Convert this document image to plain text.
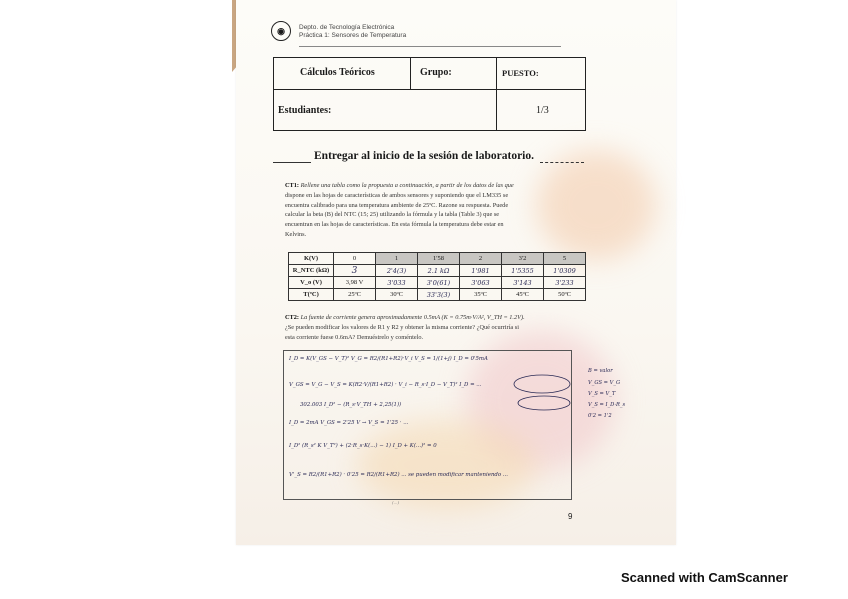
◉	Depto. de Tecnología Electrónica
Práctica 1: Sensores de Temperatura
Cálculos Teóricos	Grupo:	PUESTO:
Estudiantes:	1/3
Entregar al inicio de la sesión de laboratorio.
CT1: Rellene una tabla como la propuesta a continuación, a partir de los datos de las que
dispone en las hojas de características de ambos sensores y suponiendo que el LM335 se
encuentra calibrado para una temperatura ambiente de 25ºC. Razone su respuesta. Puede
calcular la beta (B) del NTC (15; 25) utilizando la fórmula y la tabla (Table 3) que se
encuentran en las hojas de características. En esta fórmula la temperatura debe estar en
Kelvins.
K(V)	0	1	1'58	2	3'2	5
R_NTC (kΩ)	3	2'4(3)	2.1 kΩ	1'981	1'5355	1'0309
V_o (V)	3,98 V	3'033	3'0(61)	3'063	3'143	3'233
T(ºC)	25ºC	30ºC	33'3(3)	35ºC	45ºC	50ºC
CT2: La fuente de corriente genera aproximadamente 0.5mA (K = 0.75m·V/A², V_TH = 1.2V).
¿Se pueden modificar los valores de R1 y R2 y obtener la misma corriente? ¿Qué ocurriría si
esta corriente fuese 0.6mA? Demuéstrelo y coméntelo.
I_D = K(V_GS − V_T)² V_G = R2/(R1+R2)·V_i V_S = 1/(1+j) I_D = 0'5mA
V_GS = V_G − V_S = K(R2·V/(R1+R2) · V_i − R_s·I_D − V_T)² I_D = ...
302.003 I_D² − (R_s·V_TH + 2,25(1))
I_D = 2mA V_GS = 2'25 V → V_S = 1'25 · ...
I_D² (R_s² K V_T²) + (2·R_s·K(...) − 1) I_D + K(...)² = 0
V'_S = R2/(R1+R2) · 0'25 = R2/(R1+R2) ... se pueden modificar manteniendo ...
(…)
B = valor
V_GS = V_G
V_S = V_T
V_S = I_D·R_s
0'2 = 1'2
9
Scanned with CamScanner
